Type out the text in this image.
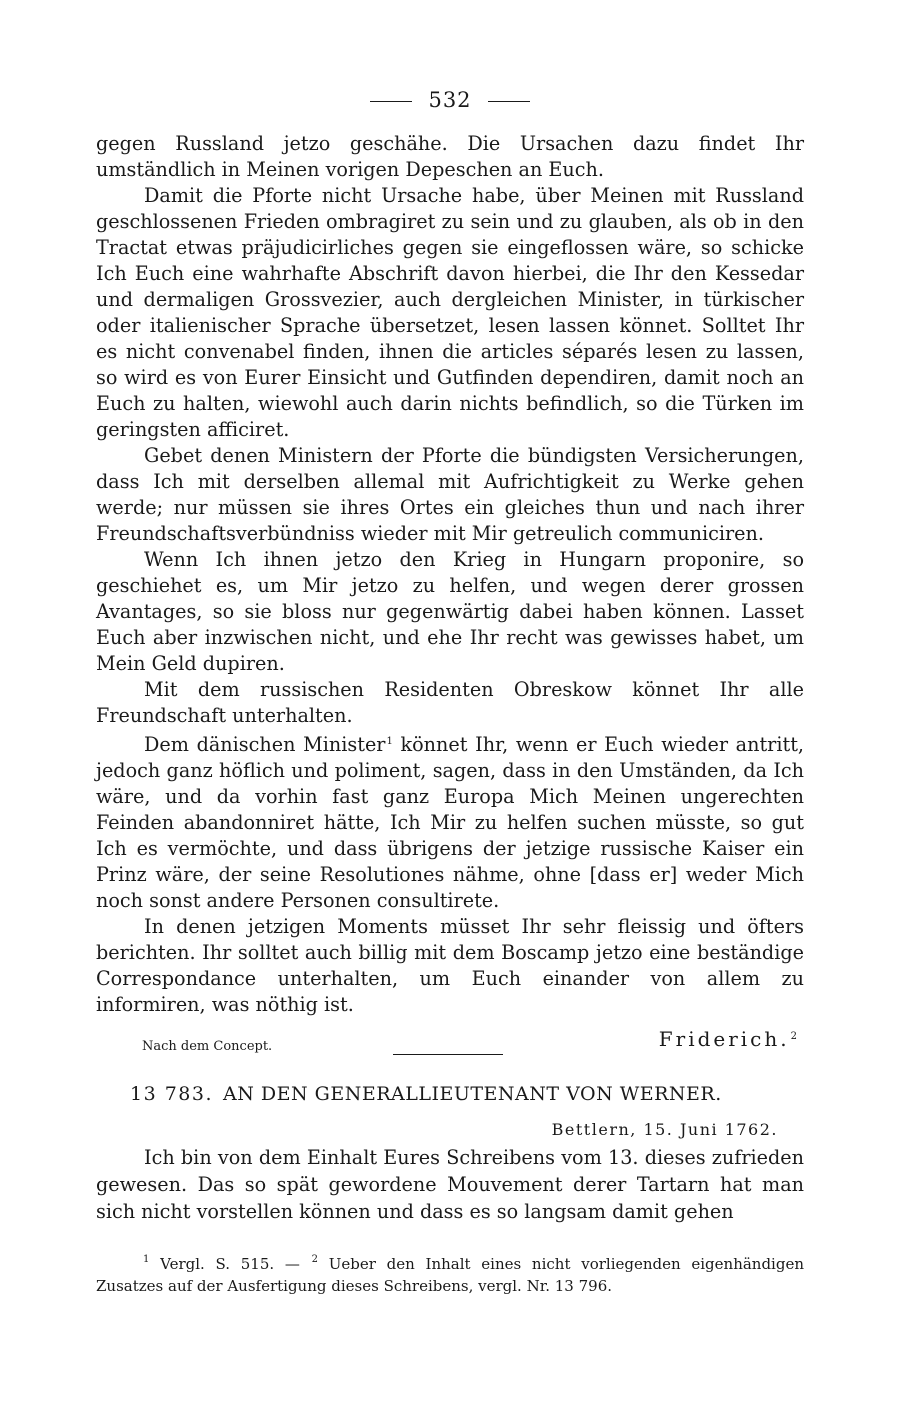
532

gegen Russland jetzo geschähe. Die Ursachen dazu findet Ihr umständlich in Meinen vorigen Depeschen an Euch.

Damit die Pforte nicht Ursache habe, über Meinen mit Russland geschlossenen Frieden ombragiret zu sein und zu glauben, als ob in den Tractat etwas präjudicirliches gegen sie eingeflossen wäre, so schicke Ich Euch eine wahrhafte Abschrift davon hierbei, die Ihr den Kessedar und dermaligen Grossvezier, auch dergleichen Minister, in türkischer oder italienischer Sprache übersetzet, lesen lassen könnet. Solltet Ihr es nicht convenabel finden, ihnen die articles séparés lesen zu lassen, so wird es von Eurer Einsicht und Gutfinden dependiren, damit noch an Euch zu halten, wiewohl auch darin nichts befindlich, so die Türken im geringsten afficiret.

Gebet denen Ministern der Pforte die bündigsten Versicherungen, dass Ich mit derselben allemal mit Aufrichtigkeit zu Werke gehen werde; nur müssen sie ihres Ortes ein gleiches thun und nach ihrer Freundschaftsverbündniss wieder mit Mir getreulich communiciren.

Wenn Ich ihnen jetzo den Krieg in Hungarn proponire, so geschiehet es, um Mir jetzo zu helfen, und wegen derer grossen Avantages, so sie bloss nur gegenwärtig dabei haben können. Lasset Euch aber inzwischen nicht, und ehe Ihr recht was gewisses habet, um Mein Geld dupiren.

Mit dem russischen Residenten Obreskow könnet Ihr alle Freundschaft unterhalten.

Dem dänischen Minister$^1$ könnet Ihr, wenn er Euch wieder antritt, jedoch ganz höflich und poliment, sagen, dass in den Umständen, da Ich wäre, und da vorhin fast ganz Europa Mich Meinen ungerechten Feinden abandonniret hätte, Ich Mir zu helfen suchen müsste, so gut Ich es vermöchte, und dass übrigens der jetzige russische Kaiser ein Prinz wäre, der seine Resolutiones nähme, ohne [dass er] weder Mich noch sonst andere Personen consultirete.

In denen jetzigen Moments müsset Ihr sehr fleissig und öfters berichten. Ihr solltet auch billig mit dem Boscamp jetzo eine beständige Correspondance unterhalten, um Euch einander von allem zu informiren, was nöthig ist.

Nach dem Concept.	Friderich.$^2$
13 783. AN DEN GENERALLIEUTENANT VON WERNER.
Bettlern, 15. Juni 1762.

Ich bin von dem Einhalt Eures Schreibens vom 13. dieses zufrieden gewesen. Das so spät gewordene Mouvement derer Tartarn hat man sich nicht vorstellen können und dass es so langsam damit gehen

$^1$ Vergl. S. 515. — $^2$ Ueber den Inhalt eines nicht vorliegenden eigenhändigen Zusatzes auf der Ausfertigung dieses Schreibens, vergl. Nr. 13 796.
